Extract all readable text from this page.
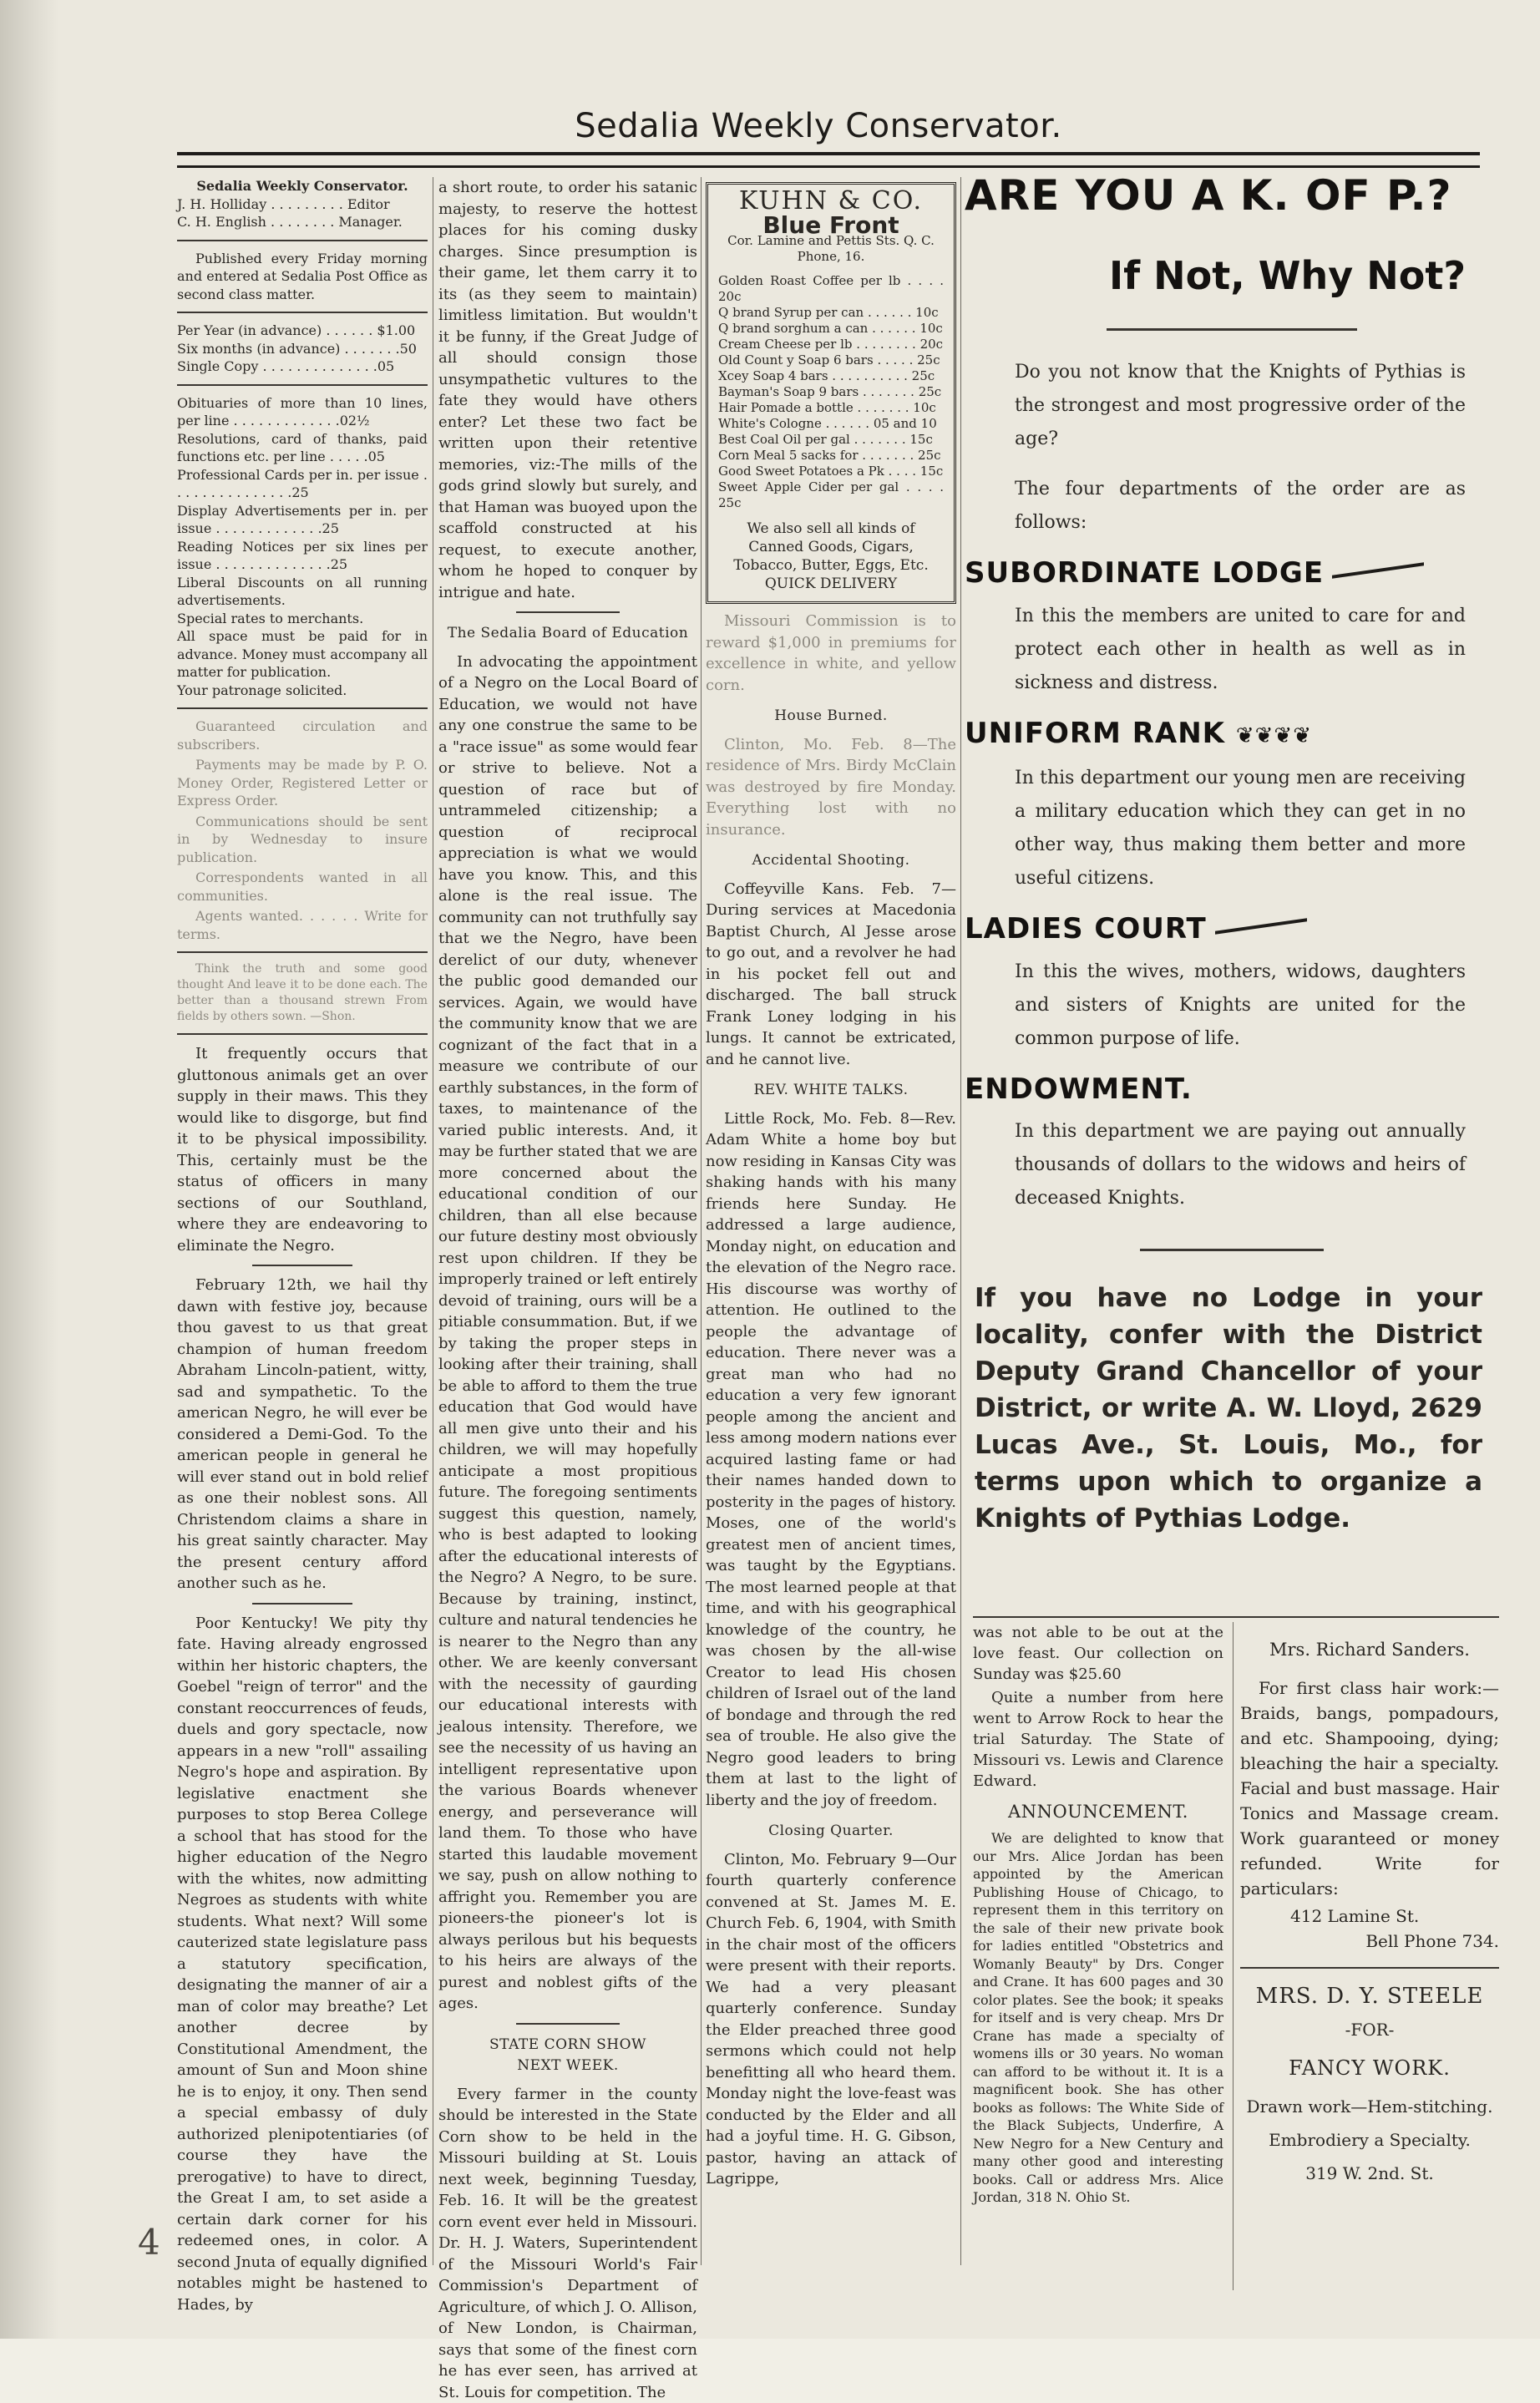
Sedalia Weekly Conservator.
Sedalia Weekly Conservator.
J. H. Holliday . . . . . . . . . Editor
C. H. English . . . . . . . . Manager.
Published every Friday morning and entered at Sedalia Post Office as second class matter.
Per Year (in advance) . . . . . . $1.00
Six months (in advance) . . . . . . .50
Single Copy . . . . . . . . . . . . . .05
Obituaries of more than 10 lines, per line . . . . . . . . . . . . .02½
Resolutions, card of thanks, paid functions etc. per line . . . . .05
Professional Cards per in. per issue . . . . . . . . . . . . . . .25
Display Advertisements per in. per issue . . . . . . . . . . . . .25
Reading Notices per six lines per issue . . . . . . . . . . . . . .25
Liberal Discounts on all running advertisements.
Special rates to merchants.
All space must be paid for in advance. Money must accompany all matter for publication.
Your patronage solicited.
Guaranteed circulation and subscribers.
Payments may be made by P. O. Money Order, Registered Letter or Express Order.
Communications should be sent in by Wednesday to insure publication.
Correspondents wanted in all communities.
Agents wanted. . . . . . Write for terms.
Think the truth and some good thought And leave it to be done each. The better than a thousand strewn From fields by others sown. —Shon.

It frequently occurs that gluttonous animals get an over supply in their maws. This they would like to disgorge, but find it to be physical impossibility. This, certainly must be the status of officers in many sections of our Southland, where they are endeavoring to eliminate the Negro.

February 12th, we hail thy dawn with festive joy, because thou gavest to us that great champion of human freedom Abraham Lincoln-patient, witty, sad and sympathetic. To the american Negro, he will ever be considered a Demi-God. To the american people in general he will ever stand out in bold relief as one their noblest sons. All Christendom claims a share in his great saintly character. May the present century afford another such as he.

Poor Kentucky! We pity thy fate. Having already engrossed within her historic chapters, the Goebel "reign of terror" and the constant reoccurrences of feuds, duels and gory spectacle, now appears in a new "roll" assailing Negro's hope and aspiration. By legislative enactment she purposes to stop Berea College a school that has stood for the higher education of the Negro with the whites, now admitting Negroes as students with white students. What next? Will some cauterized state legislature pass a statutory specification, designating the manner of air a man of color may breathe? Let another decree by Constitutional Amendment, the amount of Sun and Moon shine he is to enjoy, it ony. Then send a special embassy of duly authorized plenipotentiaries (of course they have the prerogative) to have to direct, the Great I am, to set aside a certain dark corner for his redeemed ones, in color. A second Jnuta of equally dignified notables might be hastened to Hades, by

a short route, to order his satanic majesty, to reserve the hottest places for his coming dusky charges. Since presumption is their game, let them carry it to its (as they seem to maintain) limitless limitation. But wouldn't it be funny, if the Great Judge of all should consign those unsympathetic vultures to the fate they would have others enter? Let these two fact be written upon their retentive memories, viz:-The mills of the gods grind slowly but surely, and that Haman was buoyed upon the scaffold constructed at his request, to execute another, whom he hoped to conquer by intrigue and hate.

The Sedalia Board of Education

In advocating the appointment of a Negro on the Local Board of Education, we would not have any one construe the same to be a "race issue" as some would fear or strive to believe. Not a question of race but of untrammeled citizenship; a question of reciprocal appreciation is what we would have you know. This, and this alone is the real issue. The community can not truthfully say that we the Negro, have been derelict of our duty, whenever the public good demanded our services. Again, we would have the community know that we are cognizant of the fact that in a measure we contribute of our earthly substances, in the form of taxes, to maintenance of the varied public interests. And, it may be further stated that we are more concerned about the educational condition of our children, than all else because our future destiny most obviously rest upon children. If they be improperly trained or left entirely devoid of training, ours will be a pitiable consummation. But, if we by taking the proper steps in looking after their training, shall be able to afford to them the true education that God would have all men give unto their and his children, we will may hopefully anticipate a most propitious future. The foregoing sentiments suggest this question, namely, who is best adapted to looking after the educational interests of the Negro? A Negro, to be sure. Because by training, instinct, culture and natural tendencies he is nearer to the Negro than any other. We are keenly conversant with the necessity of gaurding our educational interests with jealous intensity. Therefore, we see the necessity of us having an intelligent representative upon the various Boards whenever energy, and perseverance will land them. To those who have started this laudable movement we say, push on allow nothing to affright you. Remember you are pioneers-the pioneer's lot is always perilous but his bequests to his heirs are always of the purest and noblest gifts of the ages.

STATE CORN SHOW
NEXT WEEK.

Every farmer in the county should be interested in the State Corn show to be held in the Missouri building at St. Louis next week, beginning Tuesday, Feb. 16. It will be the greatest corn event ever held in Missouri. Dr. H. J. Waters, Superintendent of the Missouri World's Fair Commission's Department of Agriculture, of which J. O. Allison, of New London, is Chairman, says that some of the finest corn he has ever seen, has arrived at St. Louis for competition. The

KUHN & CO.
Blue Front
Cor. Lamine and Pettis Sts. Q. C. Phone, 16.
Golden Roast Coffee per lb . . . . 20c
Q brand Syrup per can . . . . . . 10c
Q brand sorghum a can . . . . . . 10c
Cream Cheese per lb . . . . . . . . 20c
Old Count y Soap 6 bars . . . . . 25c
Xcey Soap 4 bars . . . . . . . . . . 25c
Bayman's Soap 9 bars . . . . . . . 25c
Hair Pomade a bottle . . . . . . . 10c
White's Cologne . . . . . . 05 and 10
Best Coal Oil per gal . . . . . . . 15c
Corn Meal 5 sacks for . . . . . . . 25c
Good Sweet Potatoes a Pk . . . . 15c
Sweet Apple Cider per gal . . . . 25c
We also sell all kinds of Canned Goods, Cigars, Tobacco, Butter, Eggs, Etc. QUICK DELIVERY

Missouri Commission is to reward $1,000 in premiums for excellence in white, and yellow corn.

House Burned.

Clinton, Mo. Feb. 8—The residence of Mrs. Birdy McClain was destroyed by fire Monday. Everything lost with no insurance.

Accidental Shooting.

Coffeyville Kans. Feb. 7— During services at Macedonia Baptist Church, Al Jesse arose to go out, and a revolver he had in his pocket fell out and discharged. The ball struck Frank Loney lodging in his lungs. It cannot be extricated, and he cannot live.

REV. WHITE TALKS.

Little Rock, Mo. Feb. 8—Rev. Adam White a home boy but now residing in Kansas City was shaking hands with his many friends here Sunday. He addressed a large audience, Monday night, on education and the elevation of the Negro race. His discourse was worthy of attention. He outlined to the people the advantage of education. There never was a great man who had no education a very few ignorant people among the ancient and less among modern nations ever acquired lasting fame or had their names handed down to posterity in the pages of history. Moses, one of the world's greatest men of ancient times, was taught by the Egyptians. The most learned people at that time, and with his geographical knowledge of the country, he was chosen by the all-wise Creator to lead His chosen children of Israel out of the land of bondage and through the red sea of trouble. He also give the Negro good leaders to bring them at last to the light of liberty and the joy of freedom.

Closing Quarter.

Clinton, Mo. February 9—Our fourth quarterly conference convened at St. James M. E. Church Feb. 6, 1904, with Smith in the chair most of the officers were present with their reports. We had a very pleasant quarterly conference. Sunday the Elder preached three good sermons which could not help benefitting all who heard them. Monday night the love-feast was conducted by the Elder and all had a joyful time. H. G. Gibson, pastor, having an attack of Lagrippe,

ARE YOU A K. OF P.?
If Not, Why Not?
Do you not know that the Knights of Pythias is the strongest and most progressive order of the age?
The four departments of the order are as follows:
SUBORDINATE LODGE
In this the members are united to care for and protect each other in health as well as in sickness and distress.
UNIFORM RANK ❦❦❦❦
In this department our young men are receiving a military education which they can get in no other way, thus making them better and more useful citizens.
LADIES COURT
In this the wives, mothers, widows, daughters and sisters of Knights are united for the common purpose of life.
ENDOWMENT.
In this department we are paying out annually thousands of dollars to the widows and heirs of deceased Knights.
If you have no Lodge in your locality, confer with the District Deputy Grand Chancellor of your District, or write A. W. Lloyd, 2629 Lucas Ave., St. Louis, Mo., for terms upon which to organize a Knights of Pythias Lodge.

was not able to be out at the love feast. Our collection on Sunday was $25.60

Quite a number from here went to Arrow Rock to hear the trial Saturday. The State of Missouri vs. Lewis and Clarence Edward.

ANNOUNCEMENT.

We are delighted to know that our Mrs. Alice Jordan has been appointed by the American Publishing House of Chicago, to represent them in this territory on the sale of their new private book for ladies entitled "Obstetrics and Womanly Beauty" by Drs. Conger and Crane. It has 600 pages and 30 color plates. See the book; it speaks for itself and is very cheap. Mrs Dr Crane has made a specialty of womens ills or 30 years. No woman can afford to be without it. It is a magnificent book. She has other books as follows: The White Side of the Black Subjects, Underfire, A New Negro for a New Century and many other good and interesting books. Call or address Mrs. Alice Jordan, 318 N. Ohio St.

Mrs. Richard Sanders.

For first class hair work:—Braids, bangs, pompadours, and etc. Shampooing, dying; bleaching the hair a specialty. Facial and bust massage. Hair Tonics and Massage cream. Work guaranteed or money refunded. Write for particulars:

412 Lamine St.
Bell Phone 734.
MRS. D. Y. STEELE
-FOR-
FANCY WORK.
Drawn work—Hem-stitching.
Embrodiery a Specialty.
319 W. 2nd. St.
4
